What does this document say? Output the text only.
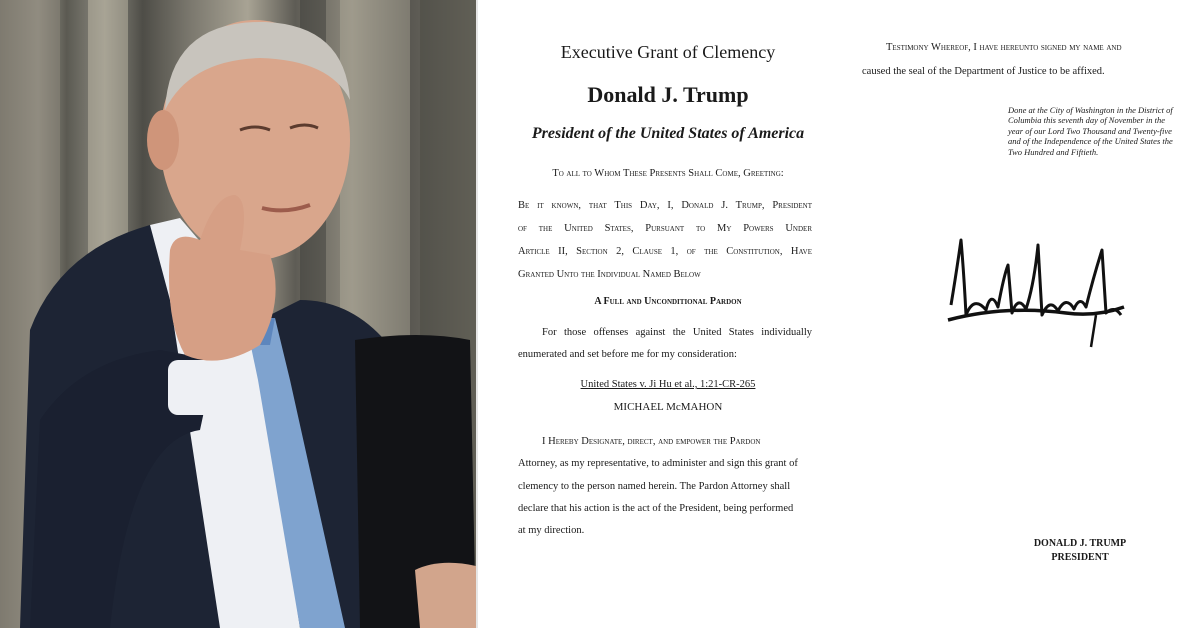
Executive Grant of Clemency
Donald J. Trump
President of the United States of America
To all to Whom These Presents Shall Come, Greeting:
Be it known, that This Day, I, Donald J. Trump, President
of the United States, Pursuant to My Powers Under
Article II, Section 2, Clause 1, of the Constitution, Have
Granted Unto the Individual Named Below
A Full and Unconditional Pardon
For those offenses against the United States individually
enumerated and set before me for my consideration:
United States v. Ji Hu et al., 1:21-CR-265
MICHAEL McMAHON
I Hereby Designate, direct, and empower the Pardon
Attorney, as my representative, to administer and sign this grant of
clemency to the person named herein. The Pardon Attorney shall
declare that his action is the act of the President, being performed
at my direction.
Testimony Whereof, I have hereunto signed my name and
caused the seal of the Department of Justice to be affixed.
Done at the City of Washington in the District of Columbia this seventh day of November in the year of our Lord Two Thousand and Twenty-five and of the Independence of the United States the Two Hundred and Fiftieth.
DONALD J. TRUMP
PRESIDENT
